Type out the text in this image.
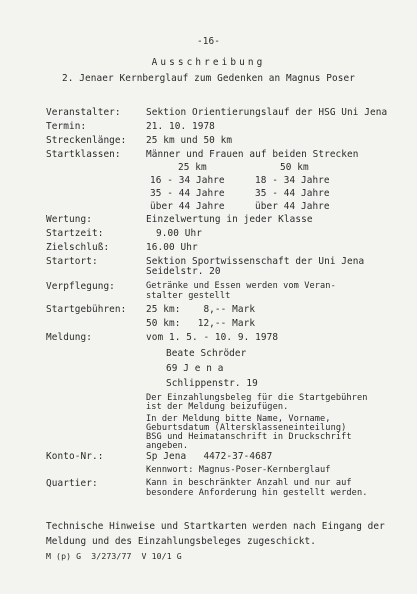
-16-
Ausschreibung
2. Jenaer Kernberglauf zum Gedenken an Magnus Poser
Veranstalter:	Sektion Orientierungslauf der HSG Uni Jena
Termin:	21. 10. 1978
Streckenlänge: 25 km und 50 km
Startklassen:	Männer und Frauen auf beiden Strecken
25 km	50 km
16 - 34 Jahre	18 - 34 Jahre
35 - 44 Jahre	35 - 44 Jahre
über 44 Jahre	über 44 Jahre
Wertung:	Einzelwertung in jeder Klasse
Startzeit:	9.00 Uhr
Zielschluß:	16.00 Uhr
Startort:	Sektion Sportwissenschaft der Uni Jena
Seidelstr. 20
Verpflegung:	Getränke und Essen werden vom Veran-
stalter gestellt
Startgebühren: 25 km:    8,-- Mark
50 km:   12,-- Mark
Meldung:	vom 1. 5. - 10. 9. 1978
Beate Schröder
69 J e n a
Schlippenstr. 19
Der Einzahlungsbeleg für die Startgebühren
ist der Meldung beizufügen.
In der Meldung bitte Name, Vorname,
Geburtsdatum (Altersklasseneinteilung)
BSG und Heimatanschrift in Druckschrift
angeben.
Konto-Nr.:	Sp Jena   4472-37-4687
Kennwort: Magnus-Poser-Kernberglauf
Quartier:	Kann in beschränkter Anzahl und nur auf
besondere Anforderung hin gestellt werden.
Technische Hinweise und Startkarten werden nach Eingang der
Meldung und des Einzahlungsbeleges zugeschickt.
M (p) G  3/273/77  V 10/1 G
